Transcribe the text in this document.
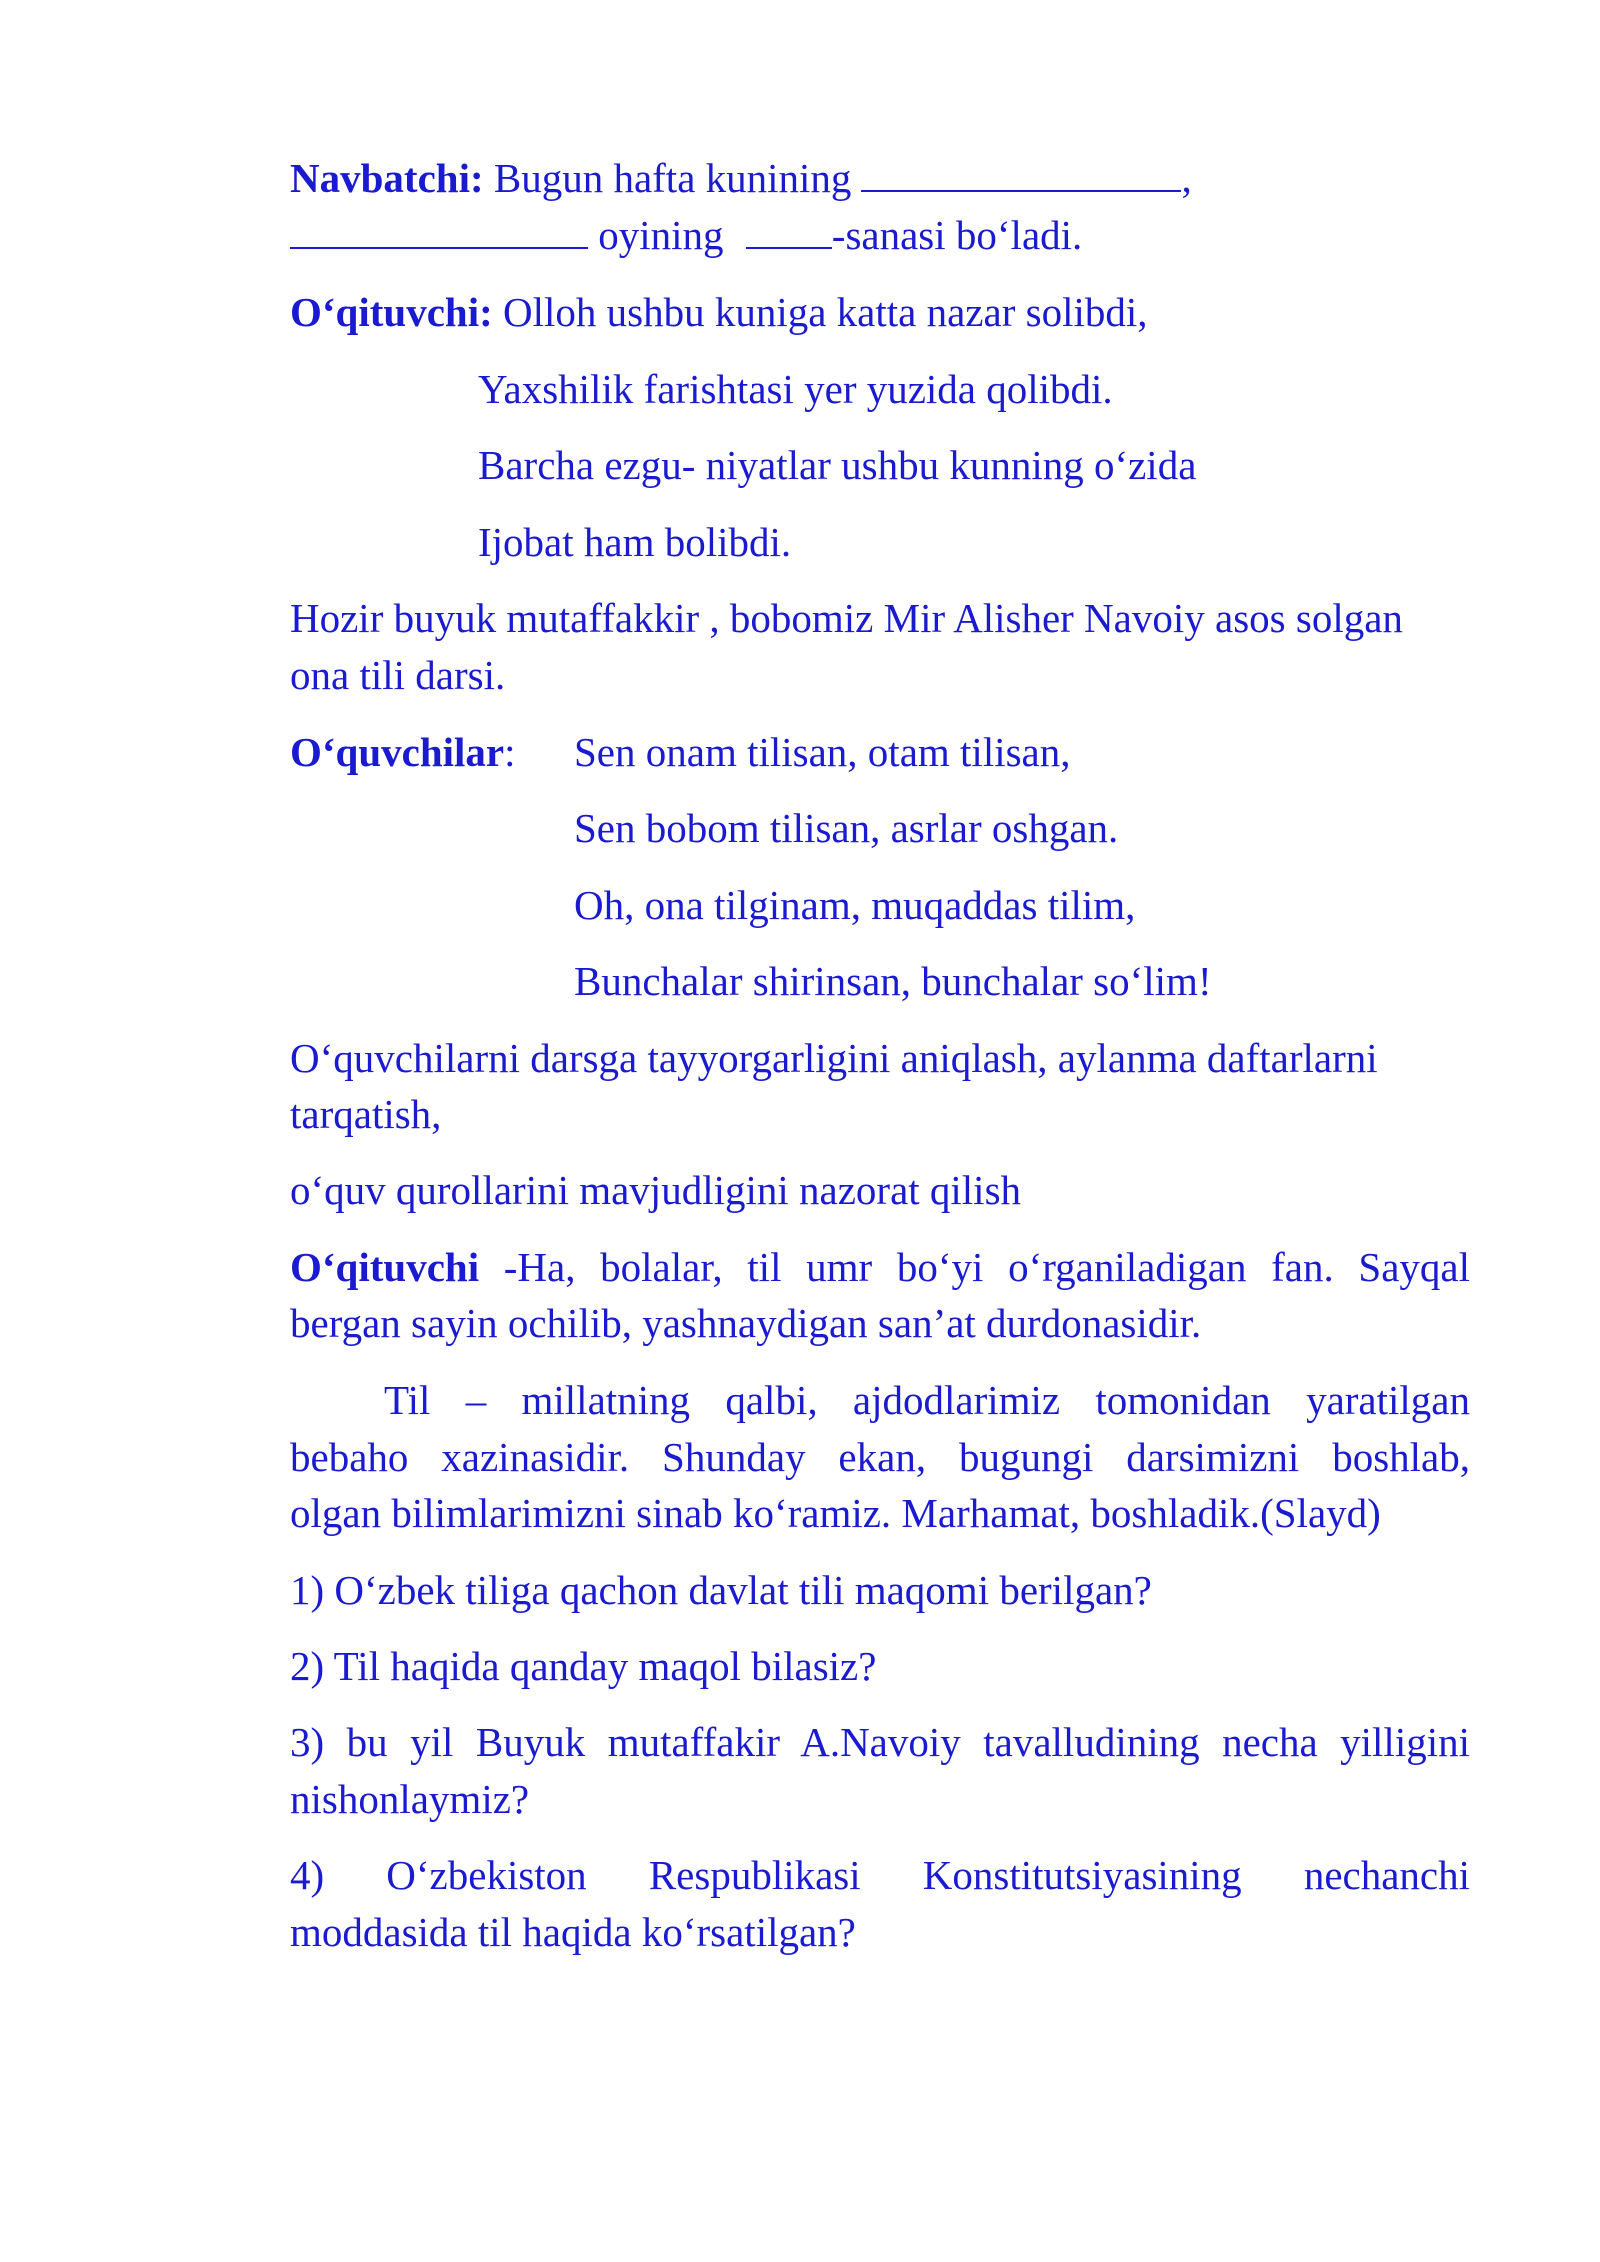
Navbatchi: Bugun hafta kunining	,
oyining -sanasi bo‘ladi.
O‘qituvchi: Olloh ushbu kuniga katta nazar solibdi,
Yaxshilik farishtasi yer yuzida qolibdi.
Barcha ezgu- niyatlar ushbu kunning o‘zida
Ijobat ham bolibdi.
Hozir buyuk mutaffakkir , bobomiz Mir Alisher Navoiy asos solgan
ona tili darsi.
O‘quvchilar: Sen onam tilisan, otam tilisan,
Sen bobom tilisan, asrlar oshgan.
Oh, ona tilginam, muqaddas tilim,
Bunchalar shirinsan, bunchalar so‘lim!
O‘quvchilarni darsga tayyorgarligini aniqlash, aylanma daftarlarni
tarqatish,
o‘quv qurollarini mavjudligini nazorat qilish
O‘qituvchi -Ha, bolalar, til umr bo‘yi o‘rganiladigan fan. Sayqal
bergan sayin ochilib, yashnaydigan san’at durdonasidir.
Til – millatning qalbi, ajdodlarimiz tomonidan yaratilgan
bebaho xazinasidir. Shunday ekan, bugungi darsimizni boshlab,
olgan bilimlarimizni sinab ko‘ramiz. Marhamat, boshladik.(Slayd)
1) O‘zbek tiliga qachon davlat tili maqomi berilgan?
2) Til haqida qanday maqol bilasiz?
3) bu yil Buyuk mutaffakir A.Navoiy tavalludining necha yilligini
nishonlaymiz?
4) O‘zbekiston Respublikasi Konstitutsiyasining nechanchi
moddasida til haqida ko‘rsatilgan?
